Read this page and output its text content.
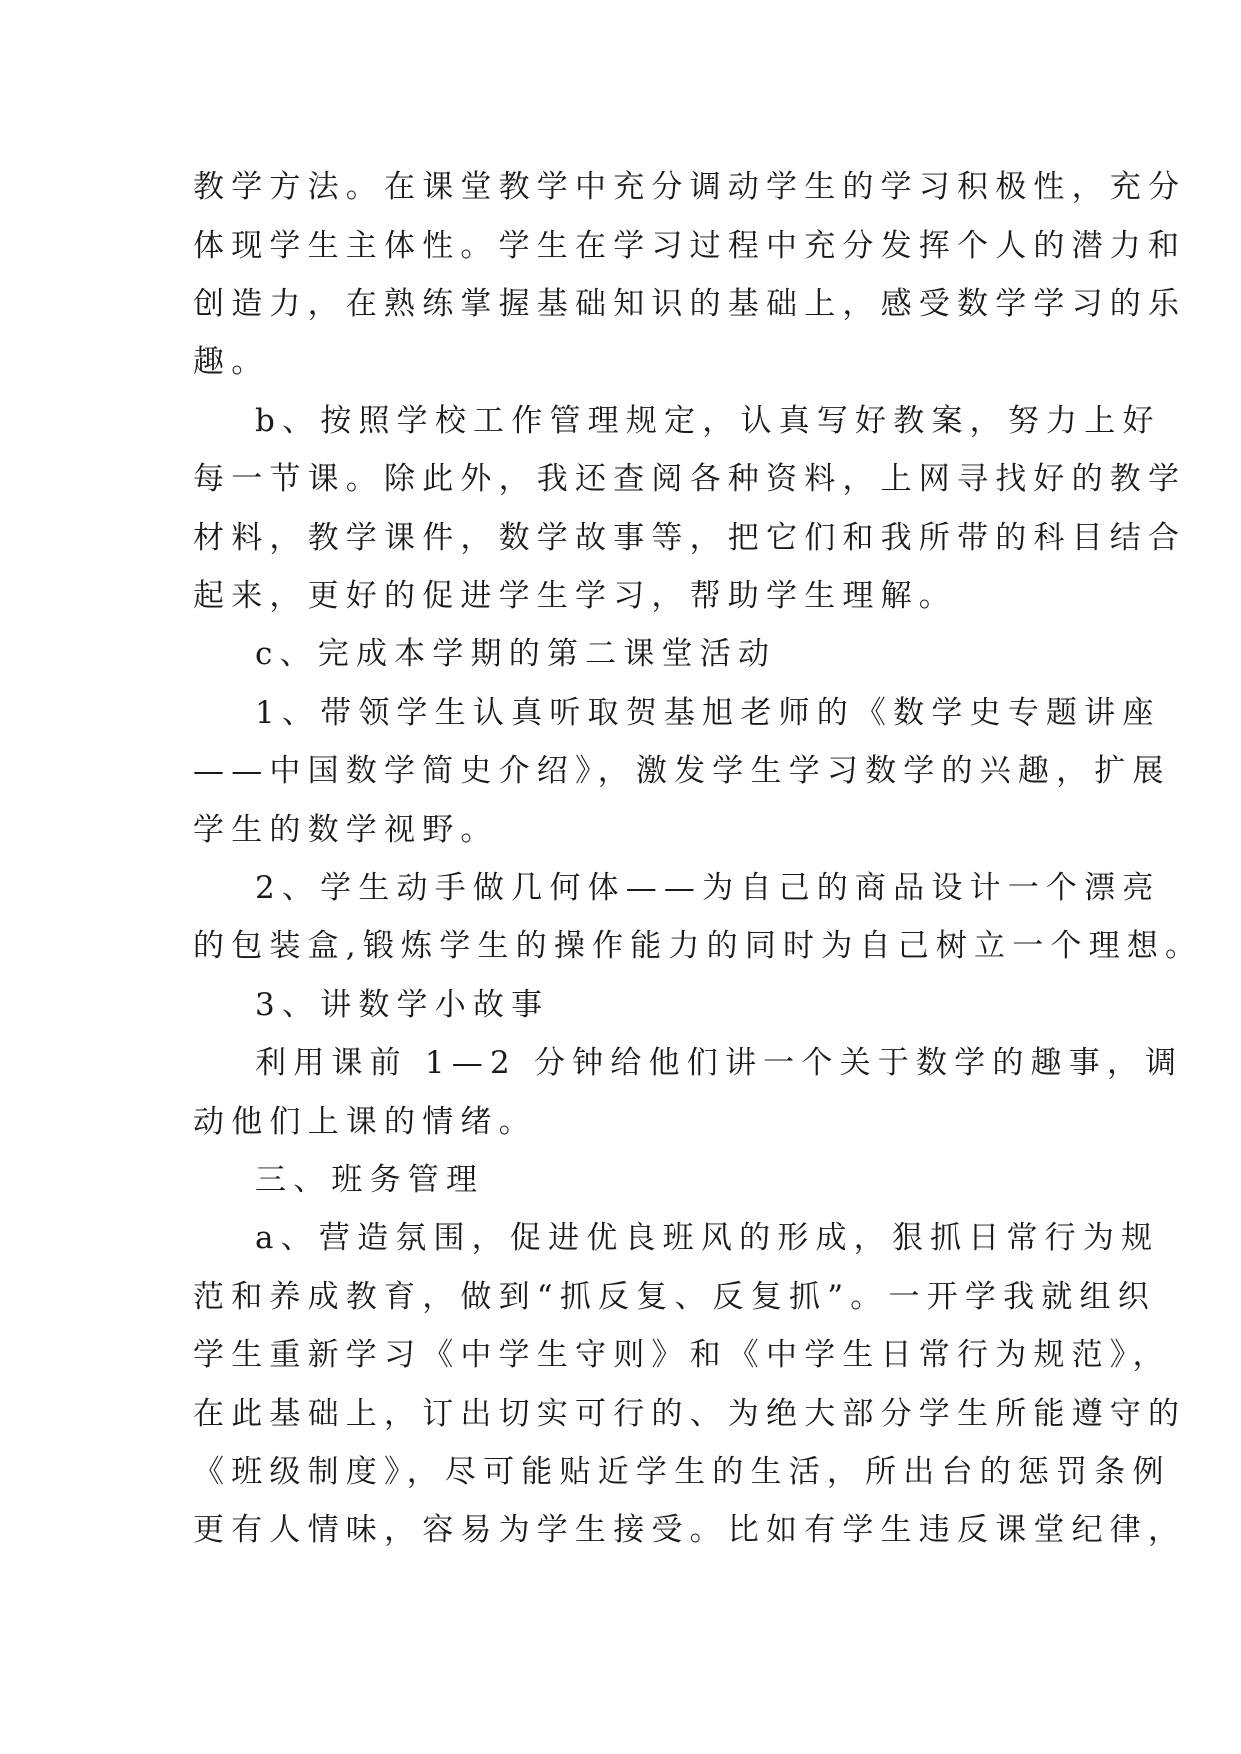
教学方法。在课堂教学中充分调动学生的学习积极性，充分
体现学生主体性。学生在学习过程中充分发挥个人的潜力和
创造力，在熟练掌握基础知识的基础上，感受数学学习的乐
趣。
b、按照学校工作管理规定，认真写好教案，努力上好
每一节课。除此外，我还查阅各种资料，上网寻找好的教学
材料，教学课件，数学故事等，把它们和我所带的科目结合
起来，更好的促进学生学习，帮助学生理解。
c、完成本学期的第二课堂活动
1、带领学生认真听取贺基旭老师的《数学史专题讲座
——中国数学简史介绍》，激发学生学习数学的兴趣，扩展
学生的数学视野。
2、学生动手做几何体——为自己的商品设计一个漂亮
的包装盒,锻炼学生的操作能力的同时为自己树立一个理想。
3、讲数学小故事
利用课前 1—2 分钟给他们讲一个关于数学的趣事，调
动他们上课的情绪。
三、班务管理
a、营造氛围，促进优良班风的形成，狠抓日常行为规
范和养成教育，做到“抓反复、反复抓”。一开学我就组织
学生重新学习《中学生守则》和《中学生日常行为规范》，
在此基础上，订出切实可行的、为绝大部分学生所能遵守的
《班级制度》，尽可能贴近学生的生活，所出台的惩罚条例
更有人情味，容易为学生接受。比如有学生违反课堂纪律，
